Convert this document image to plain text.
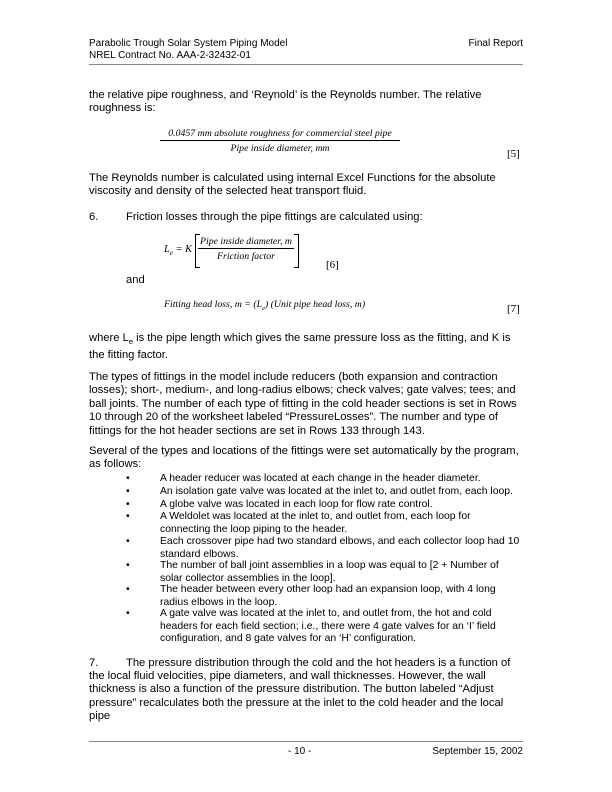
Parabolic Trough Solar System Piping Model
NREL Contract No. AAA-2-32432-01
Final Report
the relative pipe roughness, and ‘Reynold’ is the Reynolds number. The relative roughness is:
0.0457 mm absolute roughness for commercial steel pipe
Pipe inside diameter, mm	[5]
The Reynolds number is calculated using internal Excel Functions for the absolute viscosity and density of the selected heat transport fluid.
6. Friction losses through the pipe fittings are calculated using:
$L_e = K$
Pipe inside diameter, m
Friction factor
[6]
and
Fitting head loss, $m = (L_e)$ (Unit pipe head loss, m)	[7]
where $L_e$ is the pipe length which gives the same pressure loss as the fitting, and K is the fitting factor.
The types of fittings in the model include reducers (both expansion and contraction losses); short-, medium-, and long-radius elbows; check valves; gate valves; tees; and ball joints. The number of each type of fitting in the cold header sections is set in Rows 10 through 20 of the worksheet labeled “PressureLosses”. The number and type of fittings for the hot header sections are set in Rows 133 through 143.
Several of the types and locations of the fittings were set automatically by the program, as follows:
•	A header reducer was located at each change in the header diameter.
•	An isolation gate valve was located at the inlet to, and outlet from, each loop.
•	A globe valve was located in each loop for flow rate control.
•	A Weldolet was located at the inlet to, and outlet from, each loop for connecting the loop piping to the header.
•	Each crossover pipe had two standard elbows, and each collector loop had 10 standard elbows.
•	The number of ball joint assemblies in a loop was equal to [2 + Number of solar collector assemblies in the loop].
•	The header between every other loop had an expansion loop, with 4 long radius elbows in the loop.
•	A gate valve was located at the inlet to, and outlet from, the hot and cold headers for each field section; i.e., there were 4 gate valves for an ‘I’ field configuration, and 8 gate valves for an ‘H’ configuration.
7. The pressure distribution through the cold and the hot headers is a function of
the local fluid velocities, pipe diameters, and wall thicknesses. However, the wall thickness is also a function of the pressure distribution. The button labeled “Adjust pressure” recalculates both the pressure at the inlet to the cold header and the local pipe
- 10 -	September 15, 2002
